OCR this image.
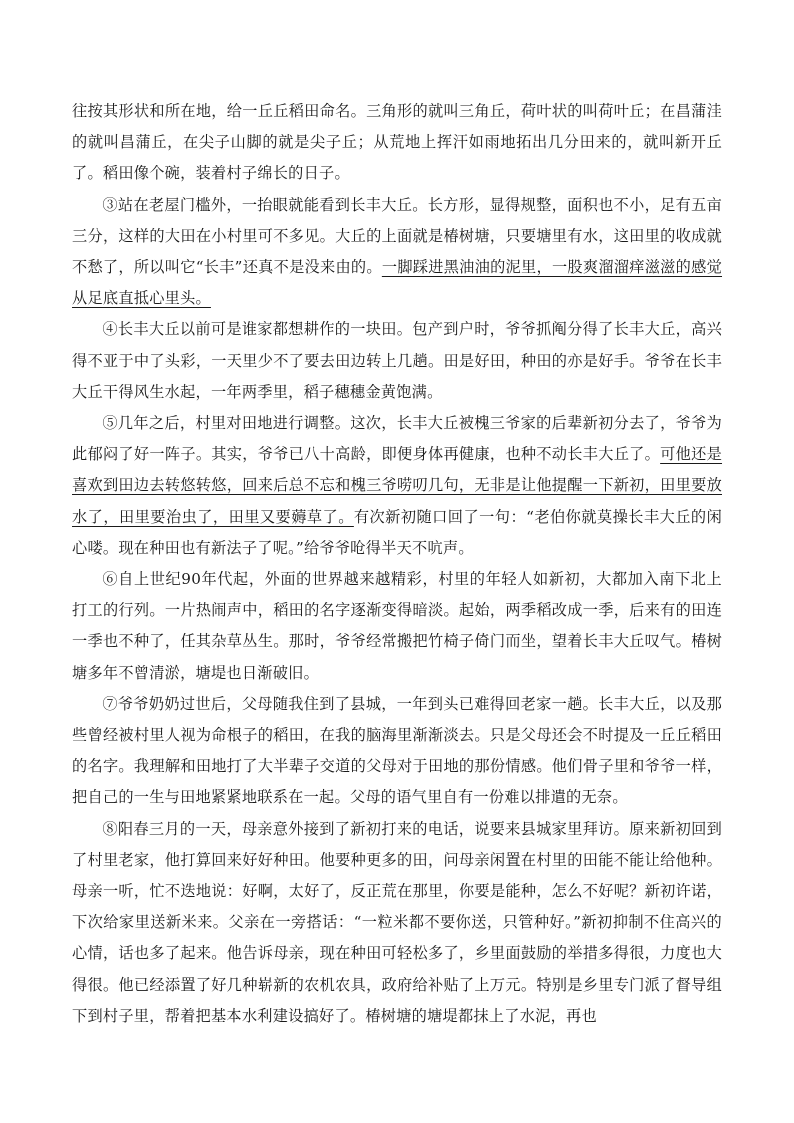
往按其形状和所在地，给一丘丘稻田命名。三角形的就叫三角丘，荷叶状的叫荷叶丘；在昌蒲洼的就叫昌蒲丘，在尖子山脚的就是尖子丘；从荒地上挥汗如雨地拓出几分田来的，就叫新开丘了。稻田像个碗，装着村子绵长的日子。

③站在老屋门槛外，一抬眼就能看到长丰大丘。长方形，显得规整，面积也不小，足有五亩三分，这样的大田在小村里可不多见。大丘的上面就是椿树塘，只要塘里有水，这田里的收成就不愁了，所以叫它“长丰”还真不是没来由的。一脚踩进黑油油的泥里，一股爽溜溜痒滋滋的感觉从足底直抵心里头。

④长丰大丘以前可是谁家都想耕作的一块田。包产到户时，爷爷抓阄分得了长丰大丘，高兴得不亚于中了头彩，一天里少不了要去田边转上几趟。田是好田，种田的亦是好手。爷爷在长丰大丘干得风生水起，一年两季里，稻子穗穗金黄饱满。

⑤几年之后，村里对田地进行调整。这次，长丰大丘被槐三爷家的后辈新初分去了，爷爷为此郁闷了好一阵子。其实，爷爷已八十高龄，即便身体再健康，也种不动长丰大丘了。可他还是喜欢到田边去转悠转悠，回来后总不忘和槐三爷唠叨几句，无非是让他提醒一下新初，田里要放水了，田里要治虫了，田里又要薅草了。有次新初随口回了一句：“老伯你就莫操长丰大丘的闲心喽。现在种田也有新法子了呢。”给爷爷呛得半天不吭声。

⑥自上世纪90年代起，外面的世界越来越精彩，村里的年轻人如新初，大都加入南下北上打工的行列。一片热闹声中，稻田的名字逐渐变得暗淡。起始，两季稻改成一季，后来有的田连一季也不种了，任其杂草丛生。那时，爷爷经常搬把竹椅子倚门而坐，望着长丰大丘叹气。椿树塘多年不曾清淤，塘堤也日渐破旧。

⑦爷爷奶奶过世后，父母随我住到了县城，一年到头已难得回老家一趟。长丰大丘，以及那些曾经被村里人视为命根子的稻田，在我的脑海里渐渐淡去。只是父母还会不时提及一丘丘稻田的名字。我理解和田地打了大半辈子交道的父母对于田地的那份情感。他们骨子里和爷爷一样，把自己的一生与田地紧紧地联系在一起。父母的语气里自有一份难以排遣的无奈。

⑧阳春三月的一天，母亲意外接到了新初打来的电话，说要来县城家里拜访。原来新初回到了村里老家，他打算回来好好种田。他要种更多的田，问母亲闲置在村里的田能不能让给他种。母亲一听，忙不迭地说：好啊，太好了，反正荒在那里，你要是能种，怎么不好呢？新初许诺，下次给家里送新米来。父亲在一旁搭话：“一粒米都不要你送，只管种好。”新初抑制不住高兴的心情，话也多了起来。他告诉母亲，现在种田可轻松多了，乡里面鼓励的举措多得很，力度也大得很。他已经添置了好几种崭新的农机农具，政府给补贴了上万元。特别是乡里专门派了督导组下到村子里，帮着把基本水利建设搞好了。椿树塘的塘堤都抹上了水泥，再也
